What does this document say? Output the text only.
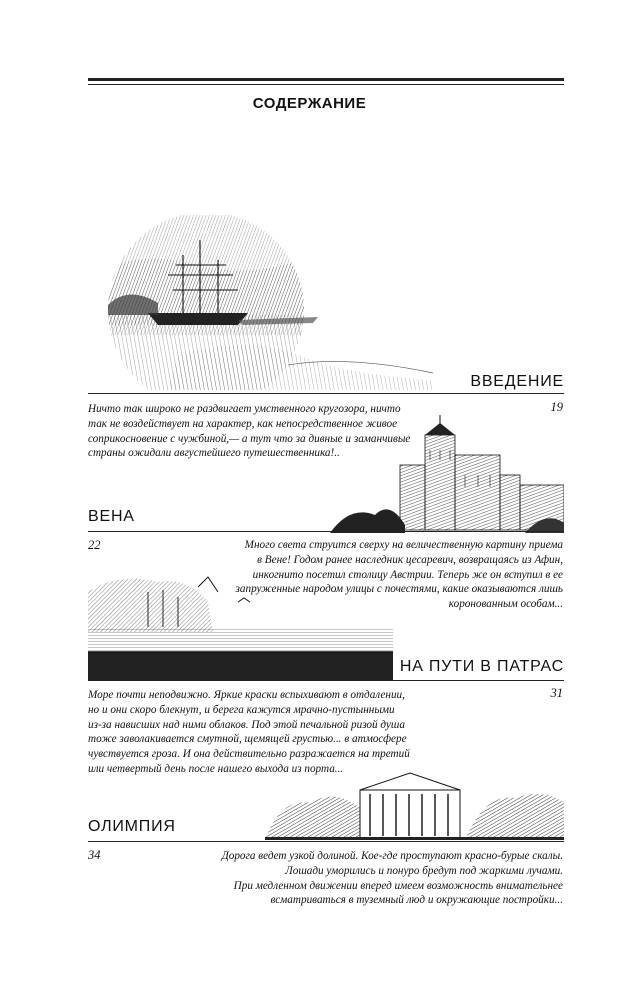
СОДЕРЖАНИЕ
ВВЕДЕНИЕ
19
Ничто так широко не раздвигает умственного кругозора, ничто
так не воздействует на характер, как непосредственное живое
соприкосновение с чужбиной,— а тут что за дивные и заманчивые
страны ожидали августейшего путешественника!..
ВЕНА
22	Много света струится сверху на величественную картину приема
в Вене! Годом ранее наследник цесаревич, возвращаясь из Афин,
инкогнито посетил столицу Австрии. Теперь же он вступил в ее
запруженные народом улицы с почестями, какие оказываются лишь
коронованным особам...
НА ПУТИ В ПАТРАС
31
Море почти неподвижно. Яркие краски вспыхивают в отдалении,
но и они скоро блекнут, и берега кажутся мрачно-пустынными
из-за нависших над ними облаков. Под этой печальной ризой душа
тоже заволакивается смутной, щемящей грустью... в атмосфере
чувствуется гроза. И она действительно разражается на третий
или четвертый день после нашего выхода из порта...
ОЛИМПИЯ
34	Дорога ведет узкой долиной. Кое-где проступают красно-бурые скалы.
Лошади уморились и понуро бредут под жаркими лучами.
При медленном движении вперед имеем возможность внимательнее
всматриваться в туземный люд и окружающие постройки...
